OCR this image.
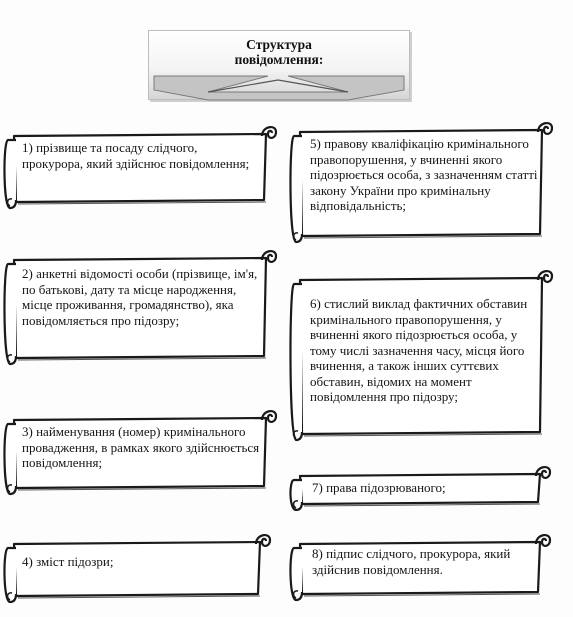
Структура
повідомлення:
1) прізвище та посаду слідчого, прокурора, який здійснює повідомлення;
2) анкетні відомості особи (прізвище, ім'я, по батькові, дату та місце народження, місце проживання, громадянство), яка повідомляється про підозру;
3) найменування (номер) кримінального провадження, в рамках якого здійснюється повідомлення;
4) зміст підозри;
5) правову кваліфікацію кримінального правопорушення, у вчиненні якого підозрюється особа, з зазначенням статті закону України про кримінальну відповідальність;
6) стислий виклад фактичних обставин кримінального правопорушення, у вчиненні якого підозрюється особа, у тому числі зазначення часу, місця його вчинення, а також інших суттєвих обставин, відомих на момент повідомлення про підозру;
7) права підозрюваного;
8) підпис слідчого, прокурора, який здійснив повідомлення.
